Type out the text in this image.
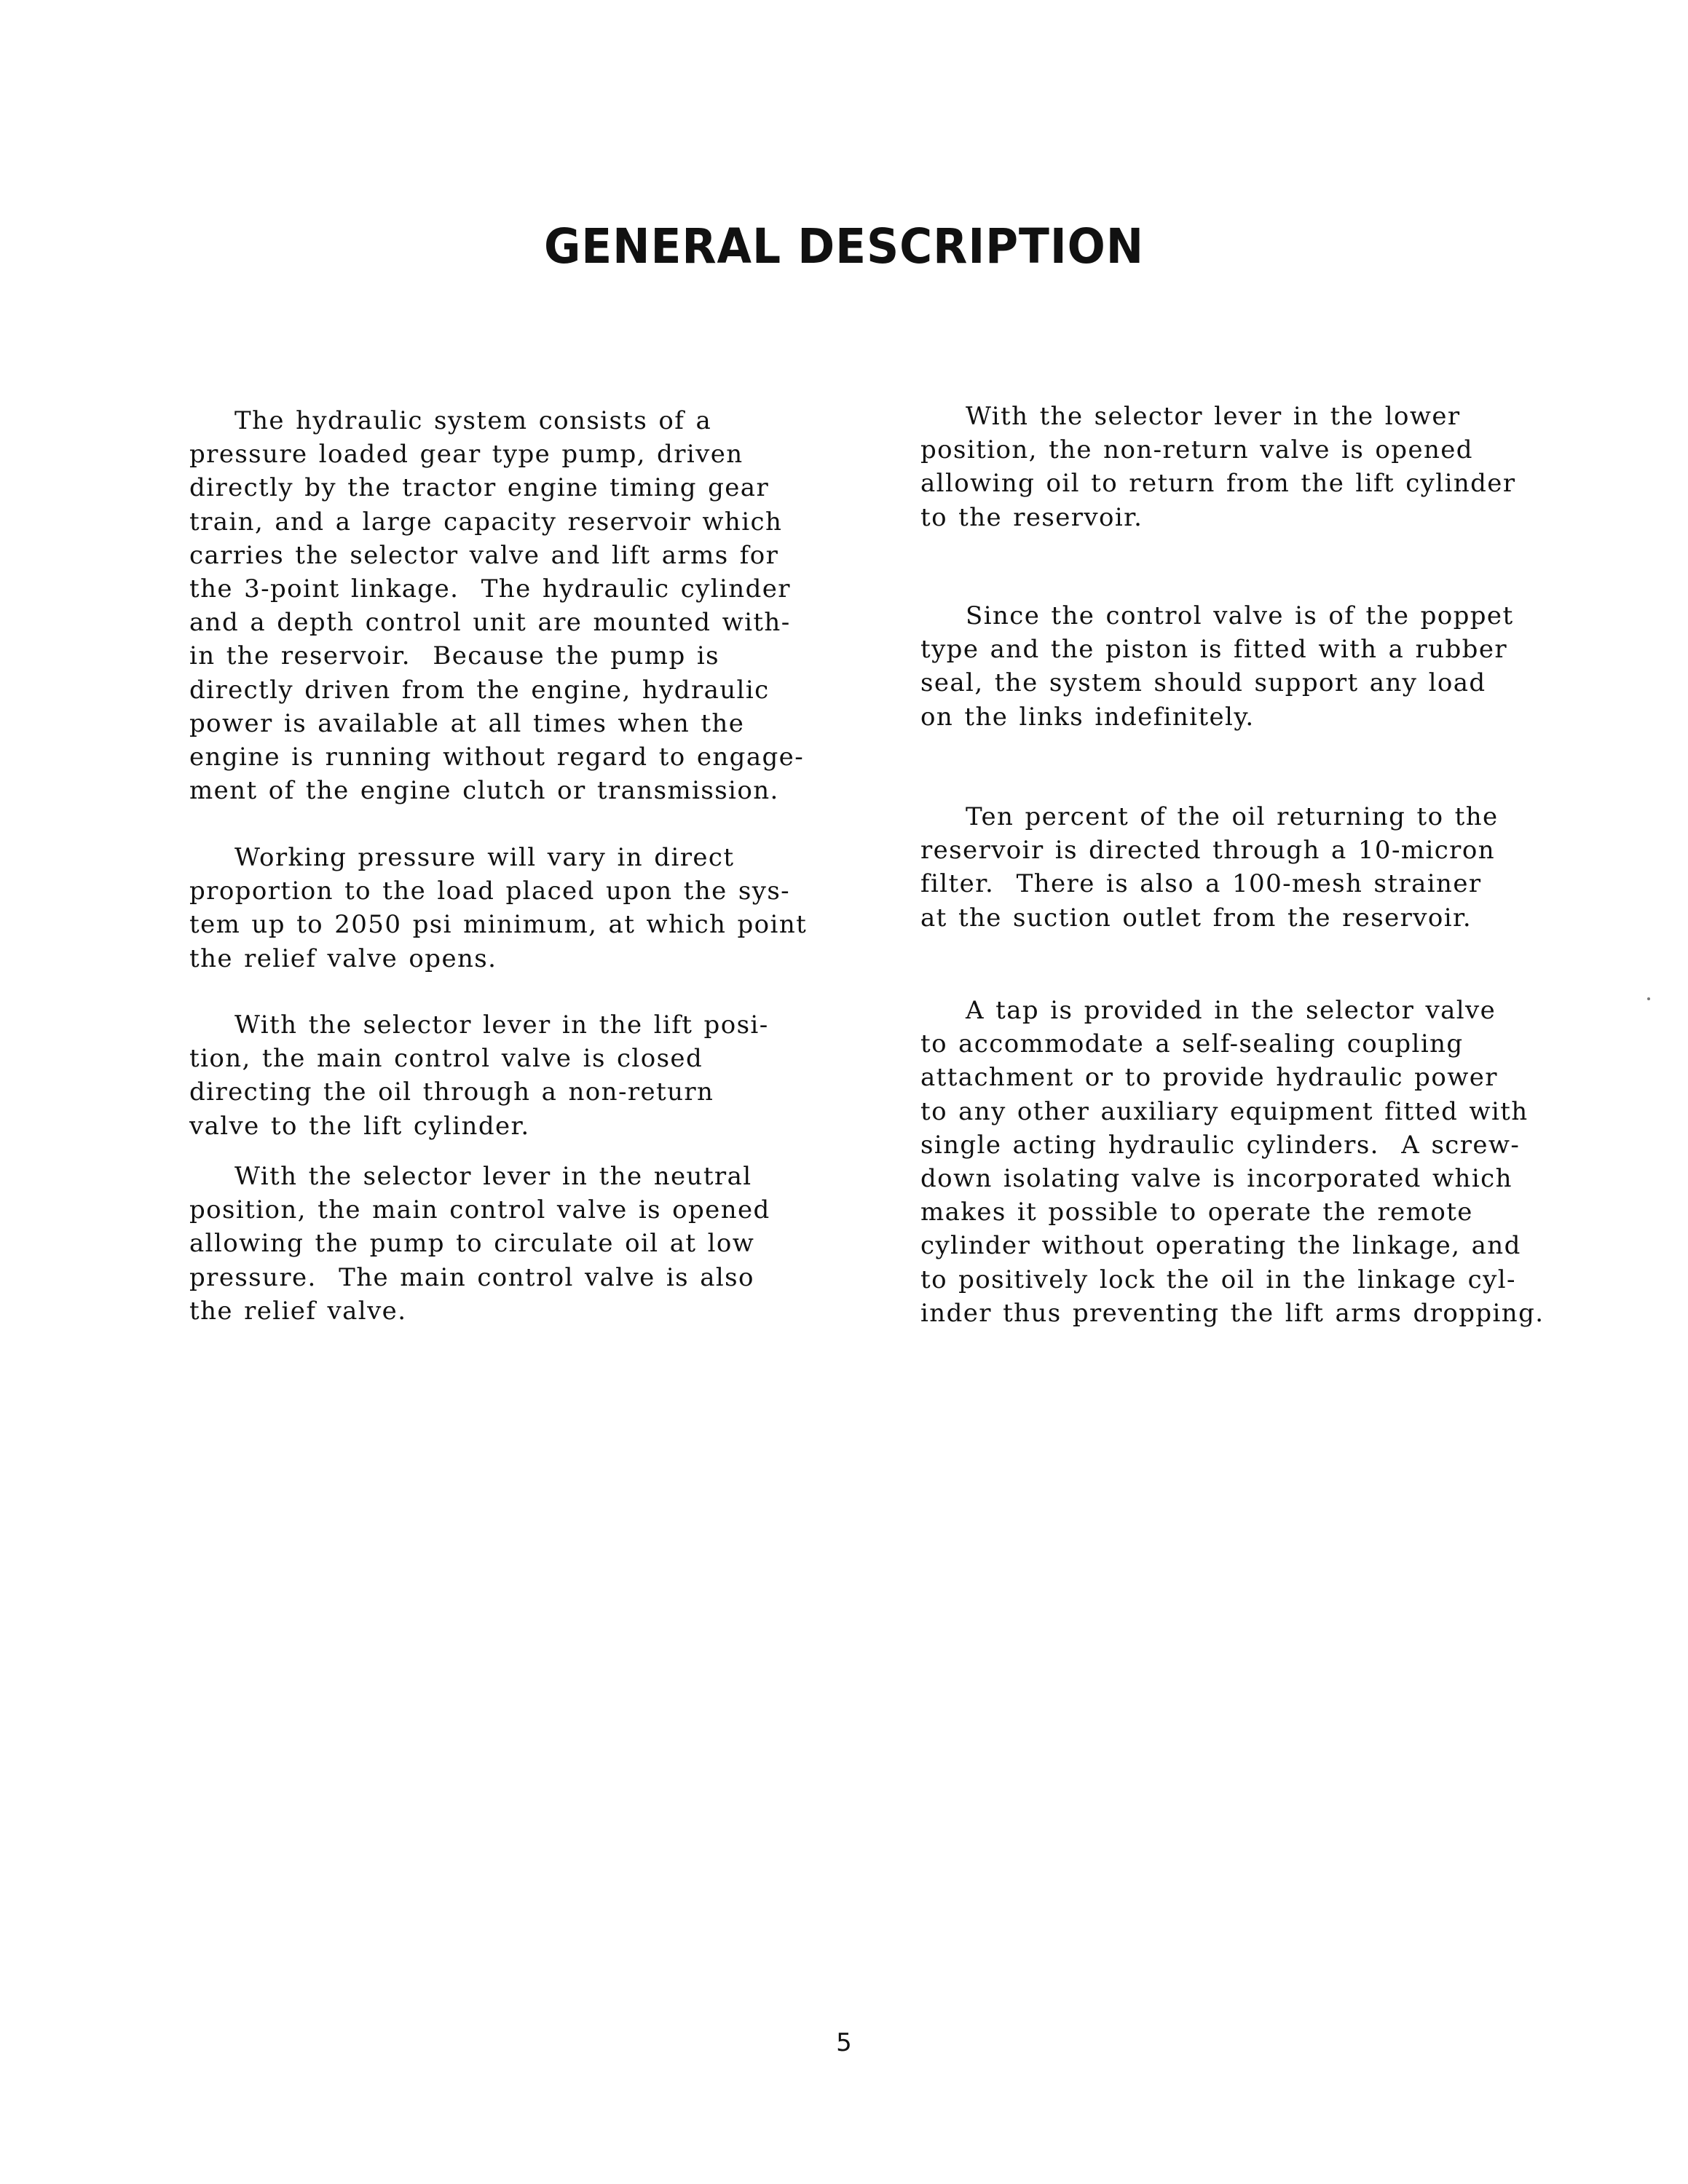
GENERAL DESCRIPTION

The hydraulic system consists of a
pressure loaded gear type pump, driven
directly by the tractor engine timing gear
train, and a large capacity reservoir which
carries the selector valve and lift arms for
the 3-point linkage.  The hydraulic cylinder
and a depth control unit are mounted with-
in the reservoir.  Because the pump is
directly driven from the engine, hydraulic
power is available at all times when the
engine is running without regard to engage-
ment of the engine clutch or transmission.

Working pressure will vary in direct
proportion to the load placed upon the sys-
tem up to 2050 psi minimum, at which point
the relief valve opens.

With the selector lever in the lift posi-
tion, the main control valve is closed
directing the oil through a non-return
valve to the lift cylinder.

With the selector lever in the neutral
position, the main control valve is opened
allowing the pump to circulate oil at low
pressure.  The main control valve is also
the relief valve.

With the selector lever in the lower
position, the non-return valve is opened
allowing oil to return from the lift cylinder
to the reservoir.

Since the control valve is of the poppet
type and the piston is fitted with a rubber
seal, the system should support any load
on the links indefinitely.

Ten percent of the oil returning to the
reservoir is directed through a 10-micron
filter.  There is also a 100-mesh strainer
at the suction outlet from the reservoir.

A tap is provided in the selector valve
to accommodate a self-sealing coupling
attachment or to provide hydraulic power
to any other auxiliary equipment fitted with
single acting hydraulic cylinders.  A screw-
down isolating valve is incorporated which
makes it possible to operate the remote
cylinder without operating the linkage, and
to positively lock the oil in the linkage cyl-
inder thus preventing the lift arms dropping.

5
